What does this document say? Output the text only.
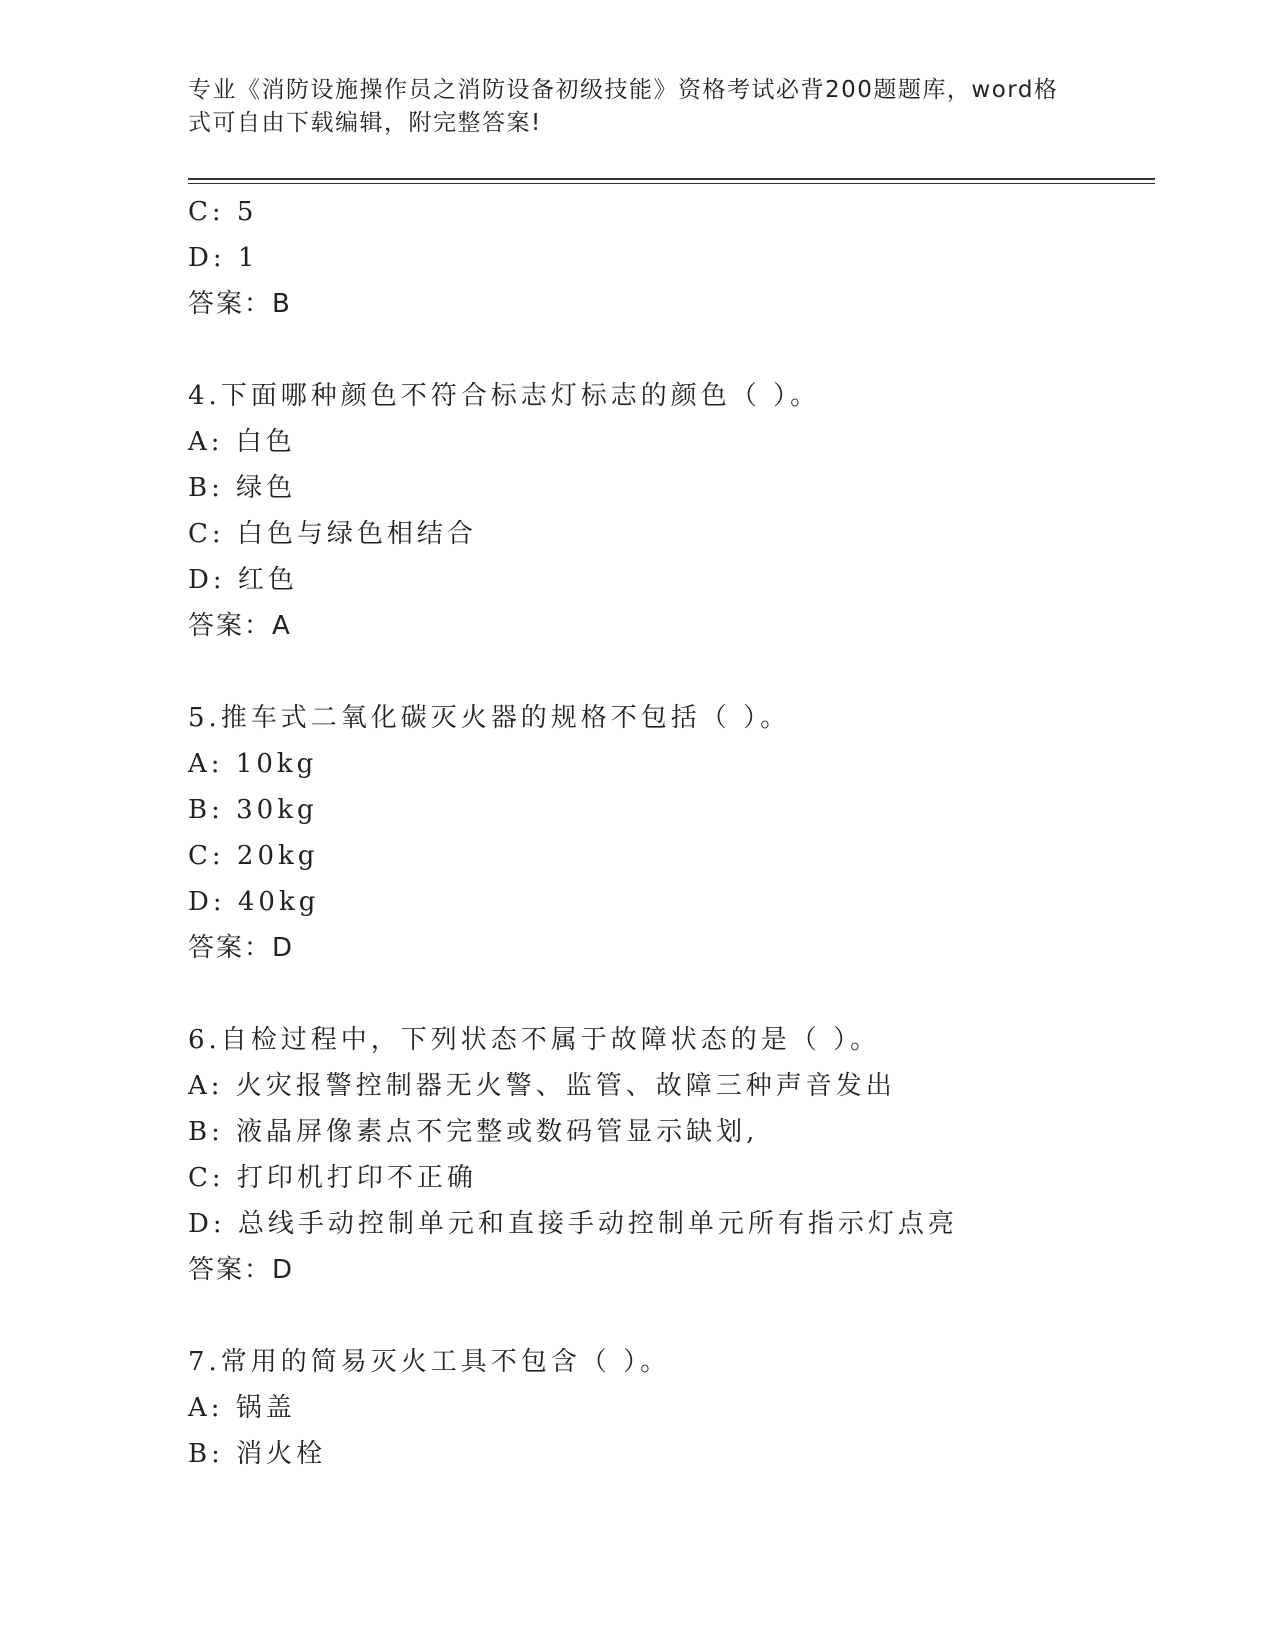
专业《消防设施操作员之消防设备初级技能》资格考试必背200题题库，word格
式可自由下载编辑，附完整答案!
C: 5
D: 1
答案：B
4.下面哪种颜色不符合标志灯标志的颜色（ ）。
A: 白色
B: 绿色
C: 白色与绿色相结合
D: 红色
答案：A
5.推车式二氧化碳灭火器的规格不包括（ ）。
A: 10kg
B: 30kg
C: 20kg
D: 40kg
答案：D
6.自检过程中，下列状态不属于故障状态的是（ ）。
A: 火灾报警控制器无火警、监管、故障三种声音发出
B: 液晶屏像素点不完整或数码管显示缺划,
C: 打印机打印不正确
D: 总线手动控制单元和直接手动控制单元所有指示灯点亮
答案：D
7.常用的简易灭火工具不包含（ ）。
A: 锅盖
B: 消火栓
